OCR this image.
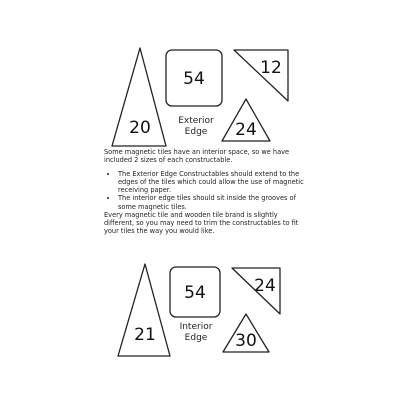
20
54
12
24
21
54	24
30
Exterior
Edge

Some magnetic tiles have an interior space, so we have included 2 sizes of each constructable.

• The Exterior Edge Constructables should extend to the edges of the tiles which could allow the use of magnetic receiving paper.
• The interior edge tiles should sit inside the grooves of some magnetic tiles.

Every magnetic tile and wooden tile brand is slightly different, so you may need to trim the constructables to fit your tiles the way you would like.

Interior
Edge
